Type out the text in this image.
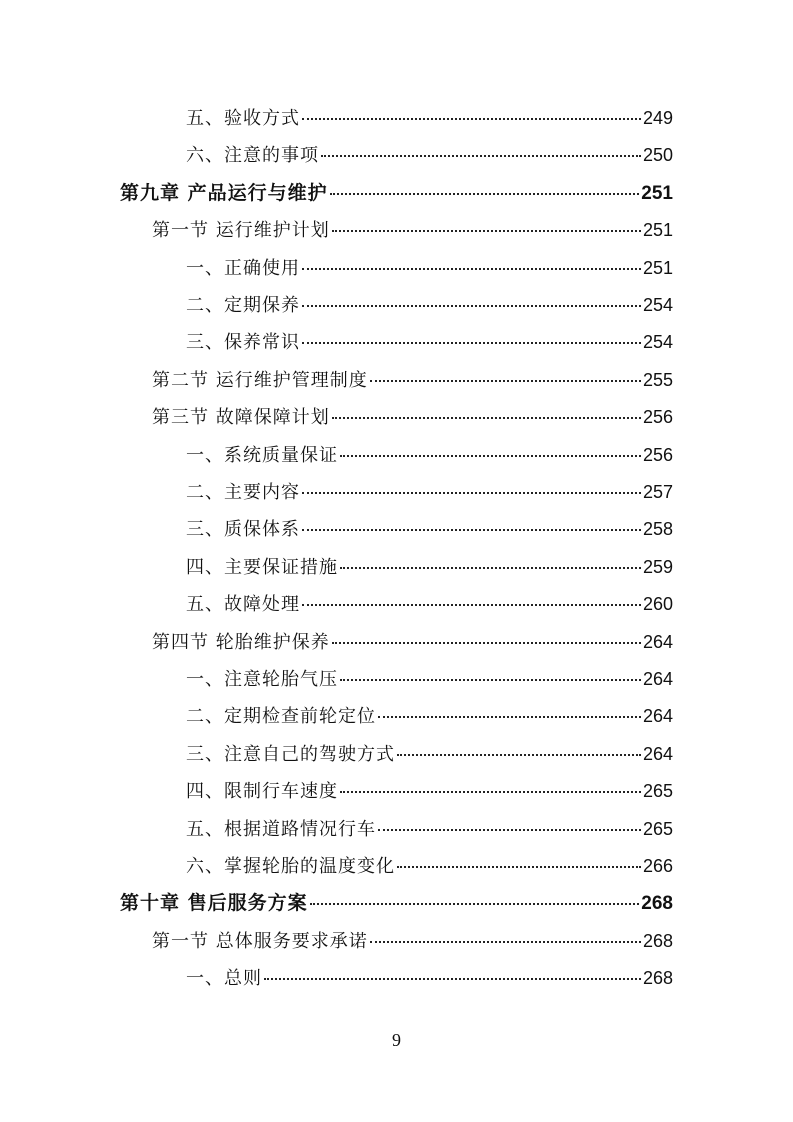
五、验收方式	249
六、注意的事项	250
第九章 产品运行与维护	251
第一节 运行维护计划	251
一、正确使用	251
二、定期保养	254
三、保养常识	254
第二节 运行维护管理制度	255
第三节 故障保障计划	256
一、系统质量保证	256
二、主要内容	257
三、质保体系	258
四、主要保证措施	259
五、故障处理	260
第四节 轮胎维护保养	264
一、注意轮胎气压	264
二、定期检查前轮定位	264
三、注意自己的驾驶方式	264
四、限制行车速度	265
五、根据道路情况行车	265
六、掌握轮胎的温度变化	266
第十章 售后服务方案	268
第一节 总体服务要求承诺	268
一、总则	268
9
